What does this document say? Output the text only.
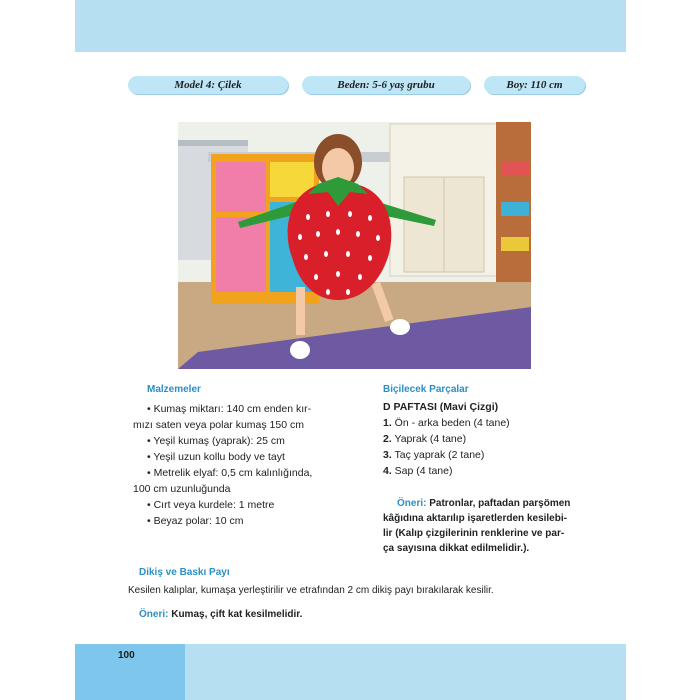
Model 4: Çilek	Beden: 5-6 yaş grubu	Boy: 110 cm
Malzemeler
• Kumaş miktarı: 140 cm enden kır-
mızı saten veya polar kumaş 150 cm
• Yeşil kumaş (yaprak): 25 cm
• Yeşil uzun kollu body ve tayt
• Metrelik elyaf: 0,5 cm kalınlığında,
100 cm uzunluğunda
• Cırt veya kurdele: 1 metre
• Beyaz polar: 10 cm
Biçilecek Parçalar
D PAFTASI (Mavi Çizgi)
1. Ön - arka beden (4 tane)
2. Yaprak (4 tane)
3. Taç yaprak (2 tane)
4. Sap (4 tane)
Öneri: Patronlar, paftadan parşömen
kâğıdına aktarılıp işaretlerden kesilebi-
lir (Kalıp çizgilerinin renklerine ve par-
ça sayısına dikkat edilmelidir.).
Dikiş ve Baskı Payı
Kesilen kalıplar, kumaşa yerleştirilir ve etrafından 2 cm dikiş payı bırakılarak kesilir.
Öneri: Kumaş, çift kat kesilmelidir.
100
